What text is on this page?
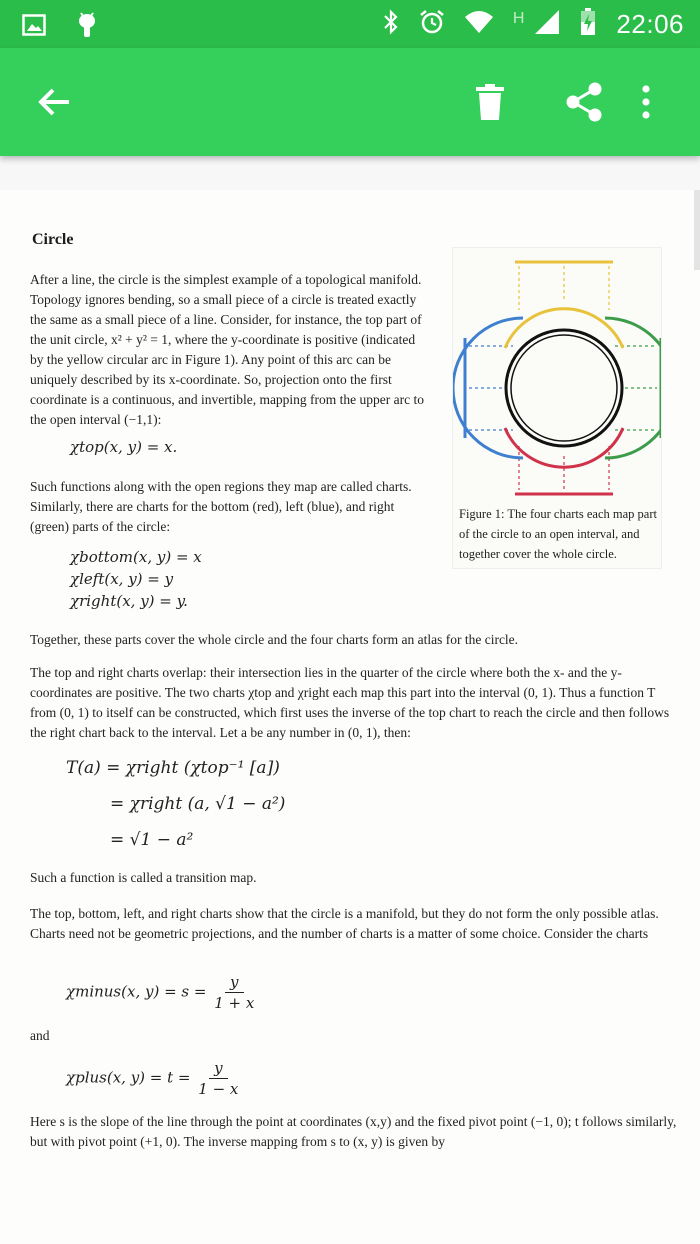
H	22:06
Circle
After a line, the circle is the simplest example of a topological manifold. Topology ignores bending, so a small piece of a circle is treated exactly the same as a small piece of a line. Consider, for instance, the top part of the unit circle, x² + y² = 1, where the y-coordinate is positive (indicated by the yellow circular arc in Figure 1). Any point of this arc can be uniquely described by its x-coordinate. So, projection onto the first coordinate is a continuous, and invertible, mapping from the upper arc to the open interval (−1,1):
χtop(x, y) = x.
Such functions along with the open regions they map are called charts. Similarly, there are charts for the bottom (red), left (blue), and right (green) parts of the circle:
χbottom(x, y) = x
χleft(x, y) = y
χright(x, y) = y.
Figure 1: The four charts each map part of the circle to an open interval, and together cover the whole circle.
Together, these parts cover the whole circle and the four charts form an atlas for the circle.
The top and right charts overlap: their intersection lies in the quarter of the circle where both the x- and the y-coordinates are positive. The two charts χtop and χright each map this part into the interval (0, 1). Thus a function T from (0, 1) to itself can be constructed, which first uses the inverse of the top chart to reach the circle and then follows the right chart back to the interval. Let a be any number in (0, 1), then:
T(a) = χright (χtop⁻¹ [a])
= χright (a, √1 − a²)
= √1 − a²
Such a function is called a transition map.
The top, bottom, left, and right charts show that the circle is a manifold, but they do not form the only possible atlas. Charts need not be geometric projections, and the number of charts is a matter of some choice. Consider the charts
χminus(x, $y) = s = \frac{y}{1 + x}$
and
χplus(x, $y) = t = \frac{y}{1 - x}$
Here s is the slope of the line through the point at coordinates (x,y) and the fixed pivot point (−1, 0); t follows similarly, but with pivot point (+1, 0). The inverse mapping from s to (x, y) is given by
